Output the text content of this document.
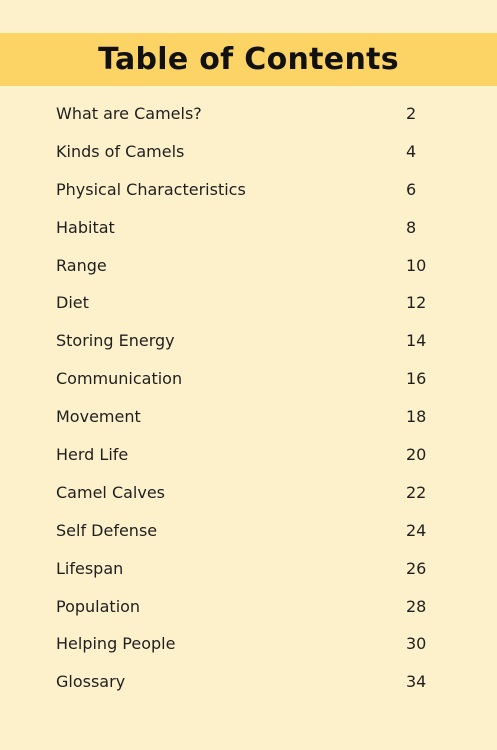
Table of Contents
What are Camels?	2
Kinds of Camels	4
Physical Characteristics	6
Habitat	8
Range	10
Diet	12
Storing Energy	14
Communication	16
Movement	18
Herd Life	20
Camel Calves	22
Self Defense	24
Lifespan	26
Population	28
Helping People	30
Glossary	34
